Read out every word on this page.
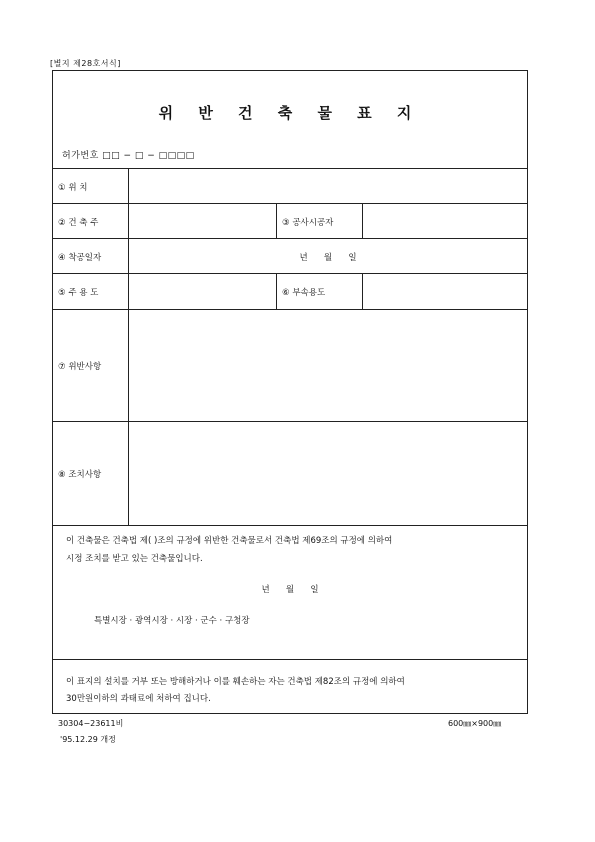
[별지 제28호서식]
위 반 건 축 물 표 지
허가번호 □□ − □ − □□□□
① 위 치
② 건 축 주	③ 공사시공자
④ 착공일자	년      월      일
⑤ 주 용 도	⑥ 부속용도
⑦ 위반사항
⑧ 조치사항
이 건축물은 건축법 제( )조의 규정에 위반한 건축물로서 건축법 제69조의 규정에 의하여
시정 조치를 받고 있는 건축물입니다.
년      월      일
특별시장 · 광역시장 · 시장 · 군수 · 구청장
이 표지의 설치를 거부 또는 방해하거나 이를 훼손하는 자는 건축법 제82조의 규정에 의하여
30만원이하의 과태료에 처하여 집니다.
30304−23611비
'95.12.29 개정
600㎜×900㎜
